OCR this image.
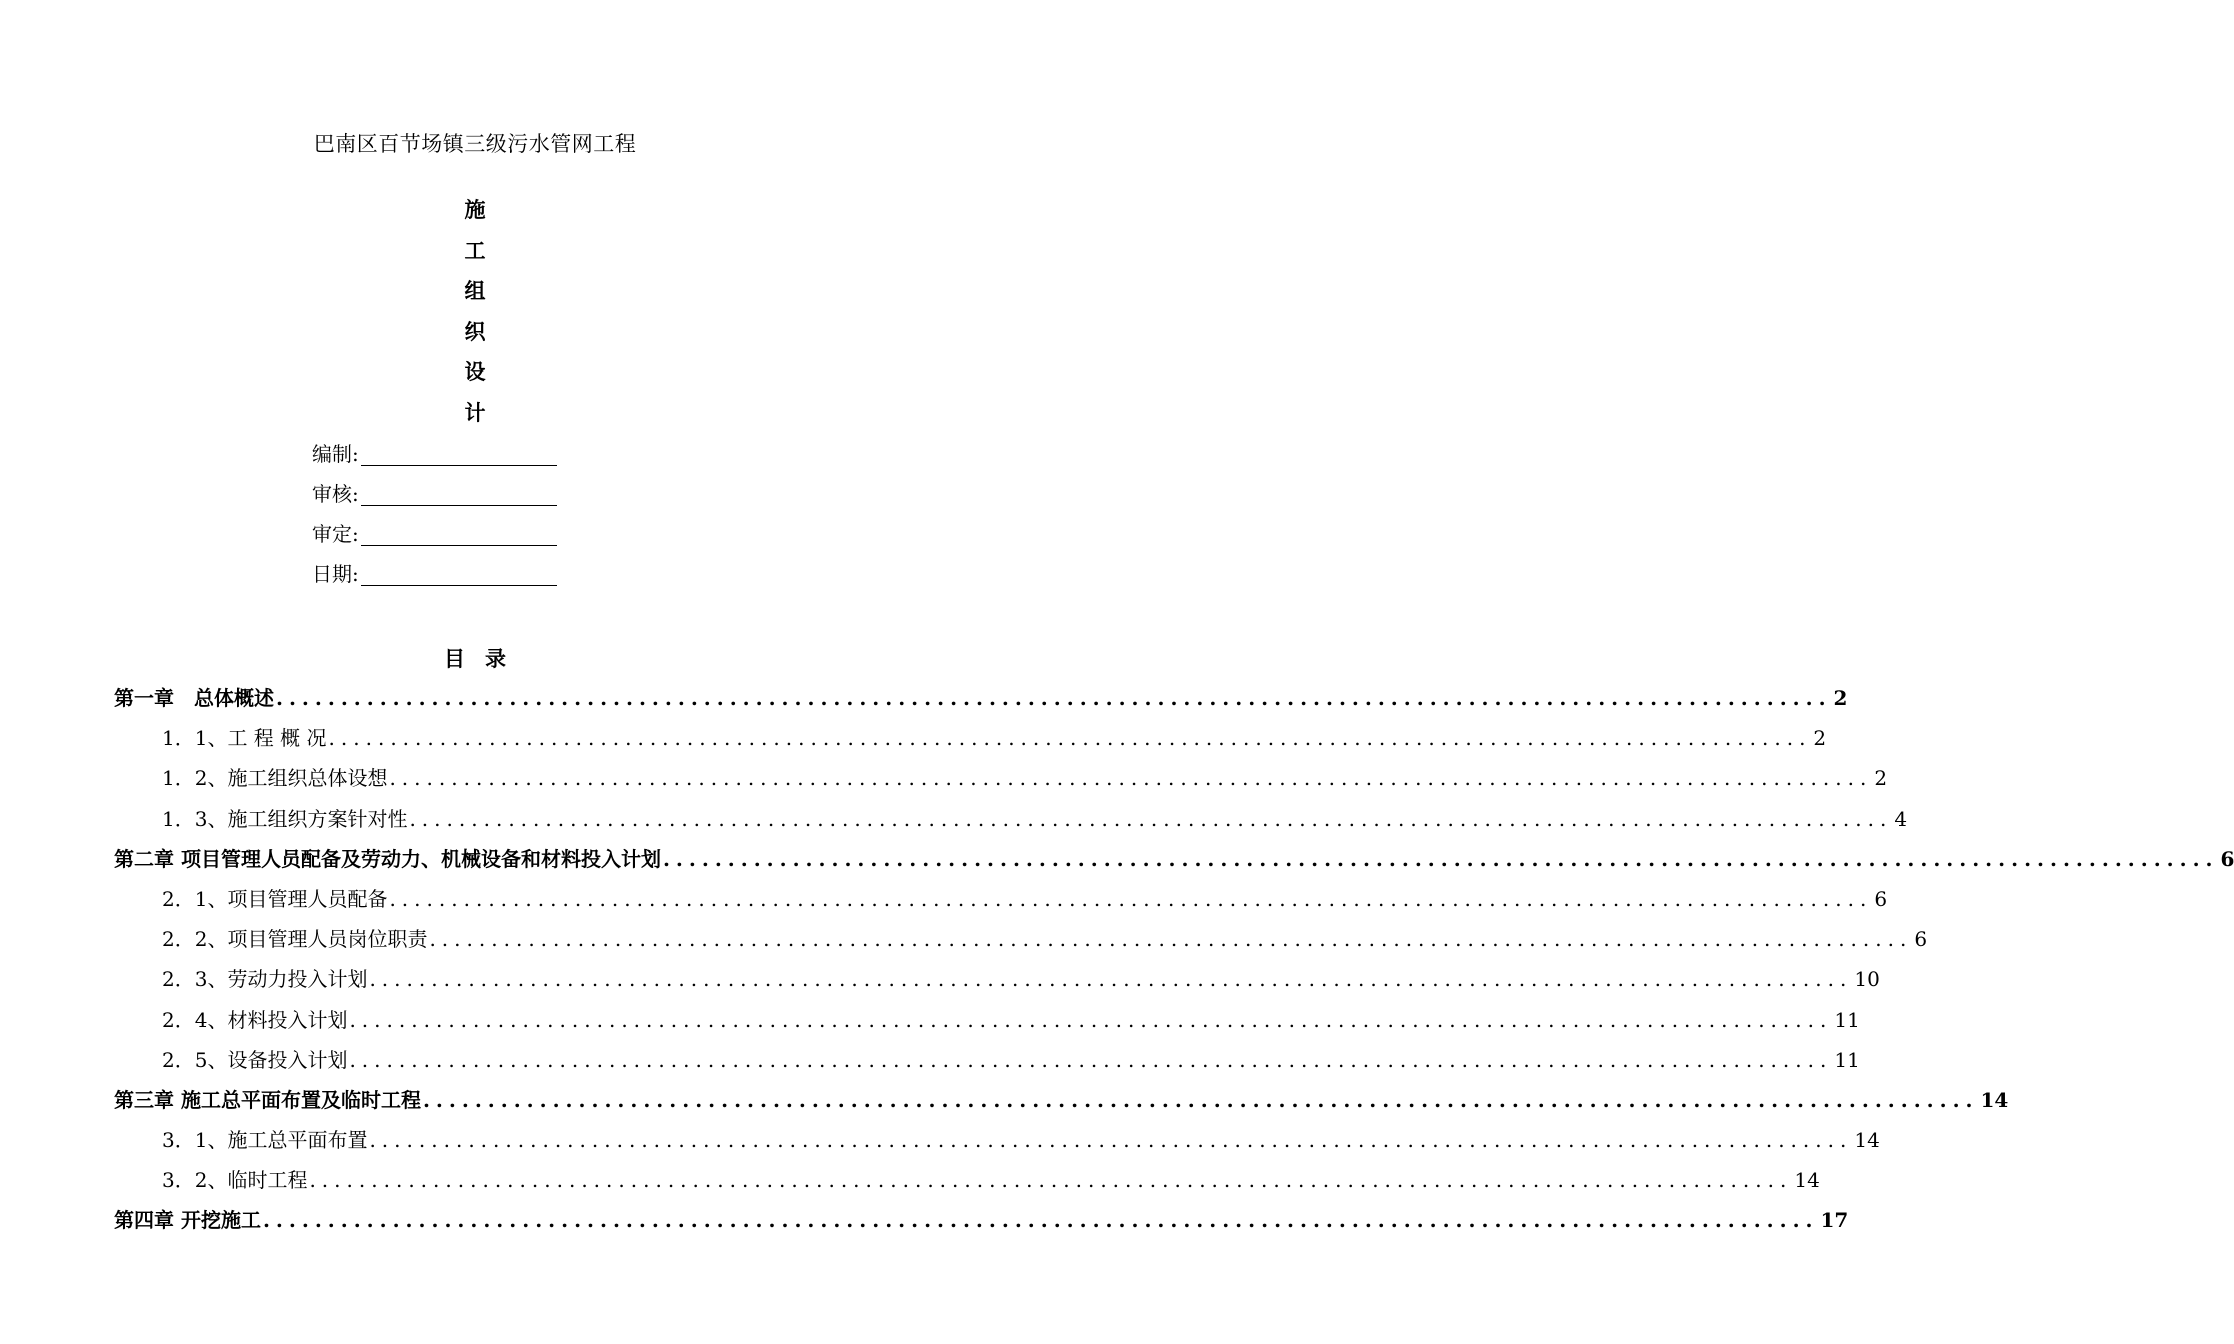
巴南区百节场镇三级污水管网工程
施
工
组
织
设
计
编制:
审核:
审定:
日期:
目 录
第一章　总体概述 ........................................................................................................................ 2
1．1、工 程 概 况 ........................................................................................................................ 2
1．2、施工组织总体设想 ........................................................................................................................ 2
1．3、施工组织方案针对性 ........................................................................................................................ 4
第二章 项目管理人员配备及劳动力、机械设备和材料投入计划 ........................................................................................................................ 6
2．1、项目管理人员配备 ........................................................................................................................ 6
2．2、项目管理人员岗位职责 ........................................................................................................................ 6
2．3、劳动力投入计划 ........................................................................................................................ 10
2．4、材料投入计划 ........................................................................................................................ 11
2．5、设备投入计划 ........................................................................................................................ 11
第三章 施工总平面布置及临时工程 ........................................................................................................................ 14
3．1、施工总平面布置 ........................................................................................................................ 14
3．2、临时工程 ........................................................................................................................ 14
第四章 开挖施工 ........................................................................................................................ 17
